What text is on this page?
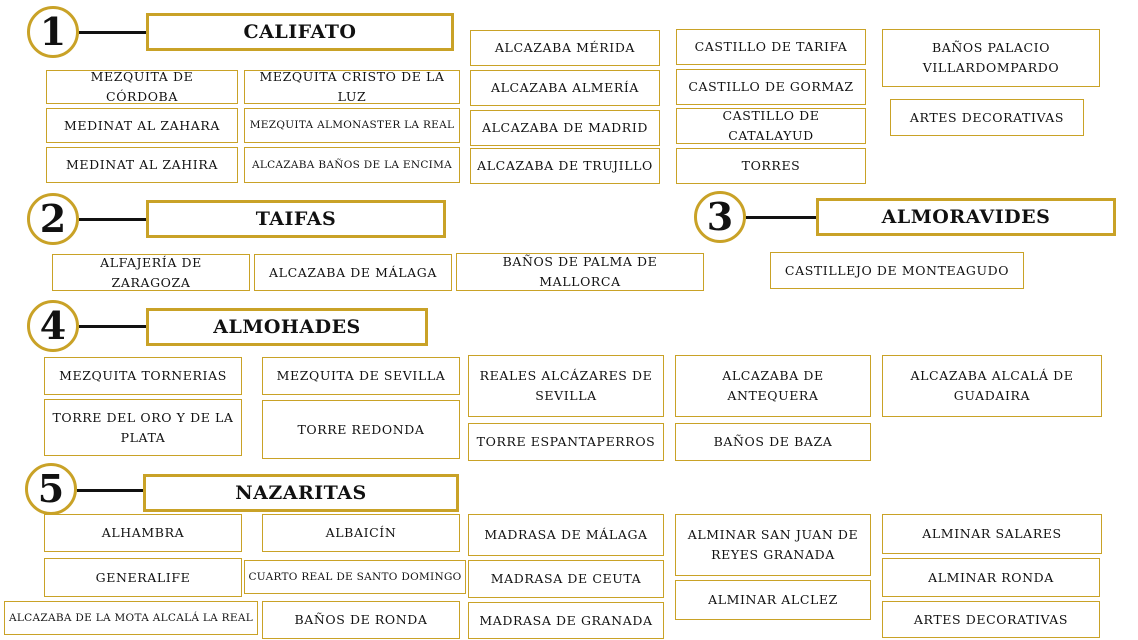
1	CALIFATO
MEZQUITA DE CÓRDOBA
MEZQUITA CRISTO DE LA LUZ
MEDINAT AL ZAHARA	MEZQUITA ALMONASTER LA REAL
MEDINAT AL ZAHIRA	ALCAZABA BAÑOS DE LA ENCIMA
ALCAZABA MÉRIDA
ALCAZABA ALMERÍA
ALCAZABA DE MADRID
ALCAZABA DE TRUJILLO
CASTILLO DE TARIFA
CASTILLO DE GORMAZ
CASTILLO DE CATALAYUD
TORRES
BAÑOS PALACIO
VILLARDOMPARDO
ARTES DECORATIVAS
2	TAIFAS
ALFAJERÍA DE ZARAGOZA
ALCAZABA DE MÁLAGA
BAÑOS DE PALMA DE MALLORCA
3	ALMORAVIDES
CASTILLEJO DE MONTEAGUDO
4	ALMOHADES
MEZQUITA TORNERIAS	MEZQUITA DE SEVILLA	REALES ALCÁZARES DE
SEVILLA
ALCAZABA DE
ANTEQUERA
ALCAZABA ALCALÁ DE
GUADAIRA
TORRE DEL ORO Y DE LA
PLATA
TORRE REDONDA
TORRE ESPANTAPERROS	BAÑOS DE BAZA
5	NAZARITAS
ALHAMBRA	ALBAICÍN	MADRASA DE MÁLAGA	ALMINAR SAN JUAN DE
REYES GRANADA
ALMINAR SALARES
GENERALIFE	CUARTO REAL DE SANTO DOMINGO	MADRASA DE CEUTA	ALMINAR RONDA
ALMINAR ALCLEZ
ALCAZABA DE LA MOTA ALCALÁ LA REAL	BAÑOS DE RONDA	MADRASA DE GRANADA	ARTES DECORATIVAS
